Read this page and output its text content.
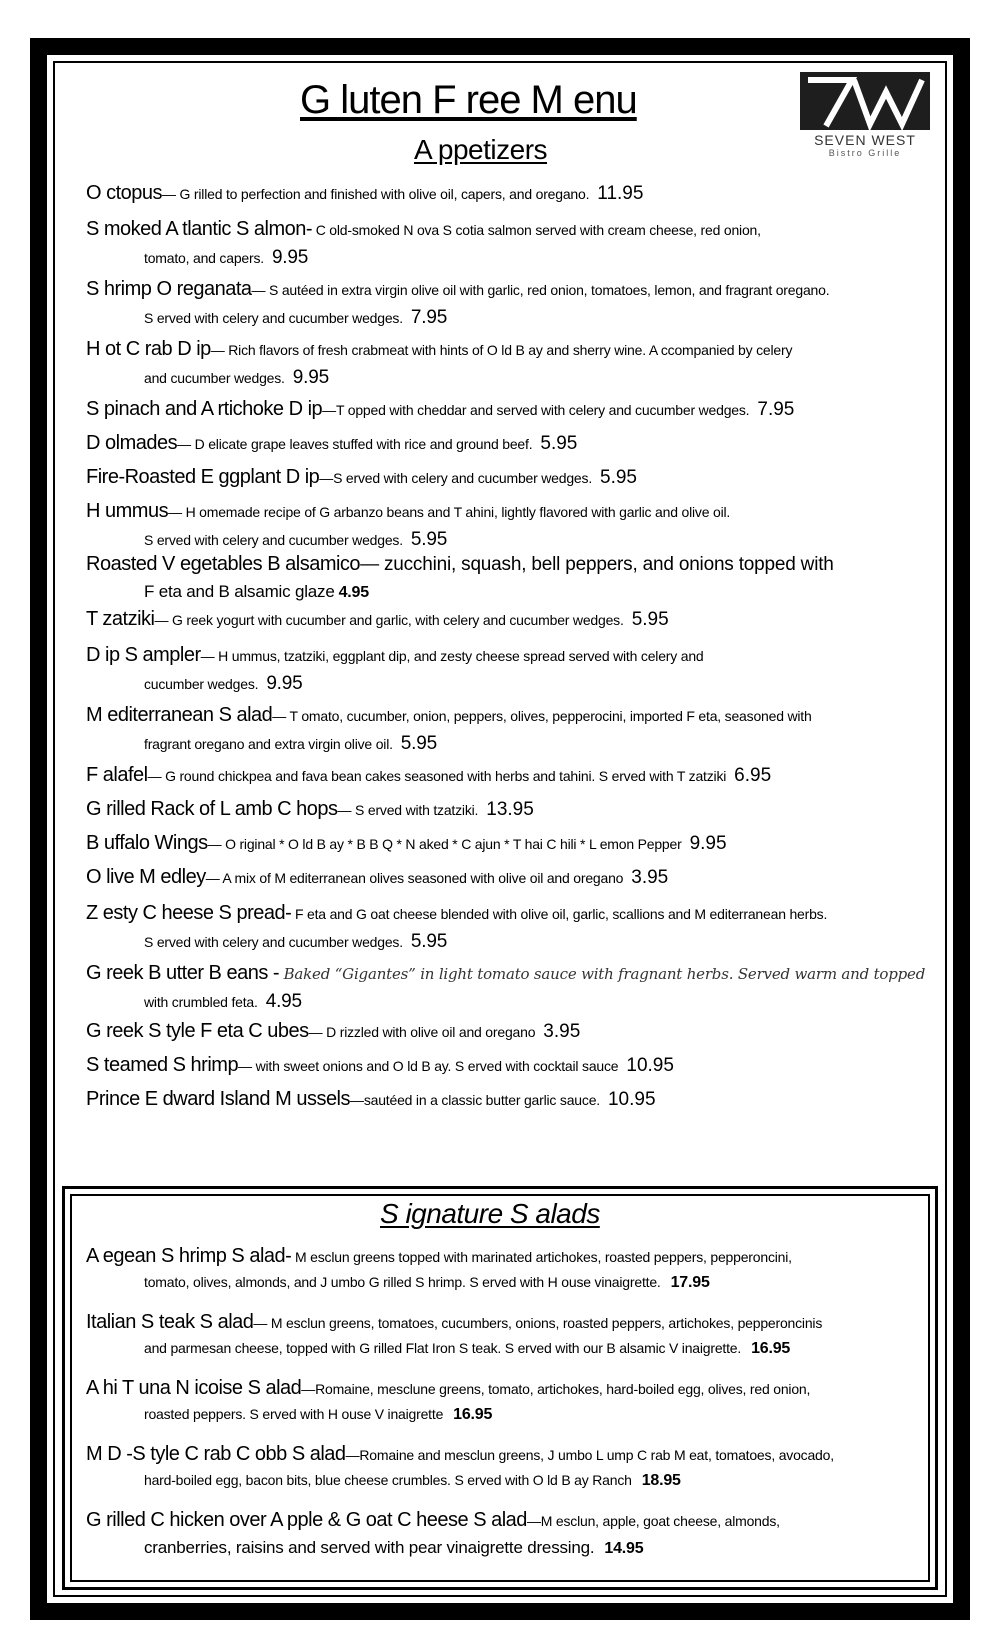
G luten F ree M enu
SEVEN WEST
Bistro Grille
A ppetizers

O ctopus— G rilled to perfection and finished with olive oil, capers, and oregano. 11.95

S moked A tlantic S almon- C old-smoked N ova S cotia salmon served with cream cheese, red onion,
tomato, and capers. 9.95

S hrimp O reganata— S autéed in extra virgin olive oil with garlic, red onion, tomatoes, lemon, and fragrant oregano.
S erved with celery and cucumber wedges. 7.95

H ot C rab D ip— Rich flavors of fresh crabmeat with hints of O ld B ay and sherry wine. A ccompanied by celery
and cucumber wedges. 9.95

S pinach and A rtichoke D ip—T opped with cheddar and served with celery and cucumber wedges. 7.95

D olmades— D elicate grape leaves stuffed with rice and ground beef. 5.95

Fire-Roasted E ggplant D ip—S erved with celery and cucumber wedges. 5.95

H ummus— H omemade recipe of G arbanzo beans and T ahini, lightly flavored with garlic and olive oil.
S erved with celery and cucumber wedges. 5.95

Roasted V egetables B alsamico— zucchini, squash, bell peppers, and onions topped with
F eta and B alsamic glaze 4.95

T zatziki— G reek yogurt with cucumber and garlic, with celery and cucumber wedges. 5.95

D ip S ampler— H ummus, tzatziki, eggplant dip, and zesty cheese spread served with celery and
cucumber wedges. 9.95

M editerranean S alad— T omato, cucumber, onion, peppers, olives, pepperocini, imported F eta, seasoned with
fragrant oregano and extra virgin olive oil. 5.95

F alafel— G round chickpea and fava bean cakes seasoned with herbs and tahini. S erved with T zatziki 6.95

G rilled Rack of L amb C hops— S erved with tzatziki. 13.95

B uffalo Wings— O riginal * O ld B ay * B B Q * N aked * C ajun * T hai C hili * L emon Pepper 9.95

O live M edley— A mix of M editerranean olives seasoned with olive oil and oregano 3.95

Z esty C heese S pread- F eta and G oat cheese blended with olive oil, garlic, scallions and M editerranean herbs.
S erved with celery and cucumber wedges. 5.95

G reek B utter B eans - Baked “Gigantes” in light tomato sauce with fragnant herbs. Served warm and topped
with crumbled feta. 4.95

G reek S tyle F eta C ubes— D rizzled with olive oil and oregano 3.95

S teamed S hrimp— with sweet onions and O ld B ay. S erved with cocktail sauce 10.95

Prince E dward Island M ussels—sautéed in a classic butter garlic sauce. 10.95

S ignature S alads

A egean S hrimp S alad- M esclun greens topped with marinated artichokes, roasted peppers, pepperoncini,
tomato, olives, almonds, and J umbo G rilled S hrimp. S erved with H ouse vinaigrette. 17.95

Italian S teak S alad— M esclun greens, tomatoes, cucumbers, onions, roasted peppers, artichokes, pepperoncinis
and parmesan cheese, topped with G rilled Flat Iron S teak. S erved with our B alsamic V inaigrette. 16.95

A hi T una N icoise S alad—Romaine, mesclune greens, tomato, artichokes, hard-boiled egg, olives, red onion,
roasted peppers. S erved with H ouse V inaigrette 16.95

M D -S tyle C rab C obb S alad—Romaine and mesclun greens, J umbo L ump C rab M eat, tomatoes, avocado,
hard-boiled egg, bacon bits, blue cheese crumbles. S erved with O ld B ay Ranch 18.95

G rilled C hicken over A pple & G oat C heese S alad—M esclun, apple, goat cheese, almonds,
cranberries, raisins and served with pear vinaigrette dressing. 14.95
